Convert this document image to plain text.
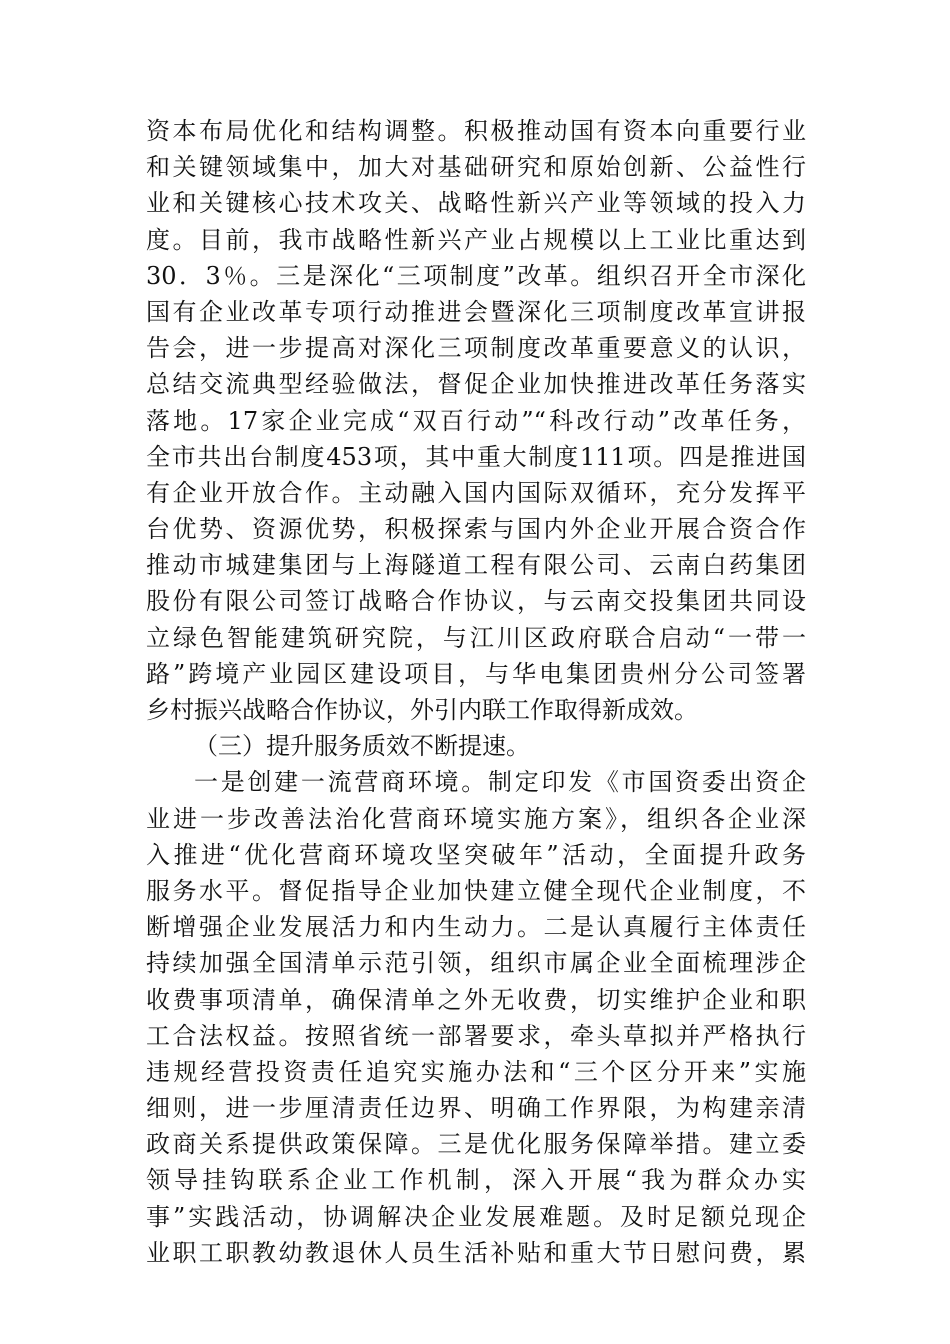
资本布局优化和结构调整。积极推动国有资本向重要行业
和关键领域集中，加大对基础研究和原始创新、公益性行
业和关键核心技术攻关、战略性新兴产业等领域的投入力
度。目前，我市战略性新兴产业占规模以上工业比重达到
30．3％。三是深化“三项制度”改革。组织召开全市深化
国有企业改革专项行动推进会暨深化三项制度改革宣讲报
告会，进一步提高对深化三项制度改革重要意义的认识，
总结交流典型经验做法，督促企业加快推进改革任务落实
落地。17家企业完成“双百行动”“科改行动”改革任务，
全市共出台制度453项，其中重大制度111项。四是推进国
有企业开放合作。主动融入国内国际双循环，充分发挥平
台优势、资源优势，积极探索与国内外企业开展合资合作
推动市城建集团与上海隧道工程有限公司、云南白药集团
股份有限公司签订战略合作协议，与云南交投集团共同设
立绿色智能建筑研究院，与江川区政府联合启动“一带一
路”跨境产业园区建设项目，与华电集团贵州分公司签署
乡村振兴战略合作协议，外引内联工作取得新成效。
（三）提升服务质效不断提速。
一是创建一流营商环境。制定印发《市国资委出资企
业进一步改善法治化营商环境实施方案》，组织各企业深
入推进“优化营商环境攻坚突破年”活动，全面提升政务
服务水平。督促指导企业加快建立健全现代企业制度，不
断增强企业发展活力和内生动力。二是认真履行主体责任
持续加强全国清单示范引领，组织市属企业全面梳理涉企
收费事项清单，确保清单之外无收费，切实维护企业和职
工合法权益。按照省统一部署要求，牵头草拟并严格执行
违规经营投资责任追究实施办法和“三个区分开来”实施
细则，进一步厘清责任边界、明确工作界限，为构建亲清
政商关系提供政策保障。三是优化服务保障举措。建立委
领导挂钩联系企业工作机制，深入开展“我为群众办实
事”实践活动，协调解决企业发展难题。及时足额兑现企
业职工职教幼教退休人员生活补贴和重大节日慰问费，累
